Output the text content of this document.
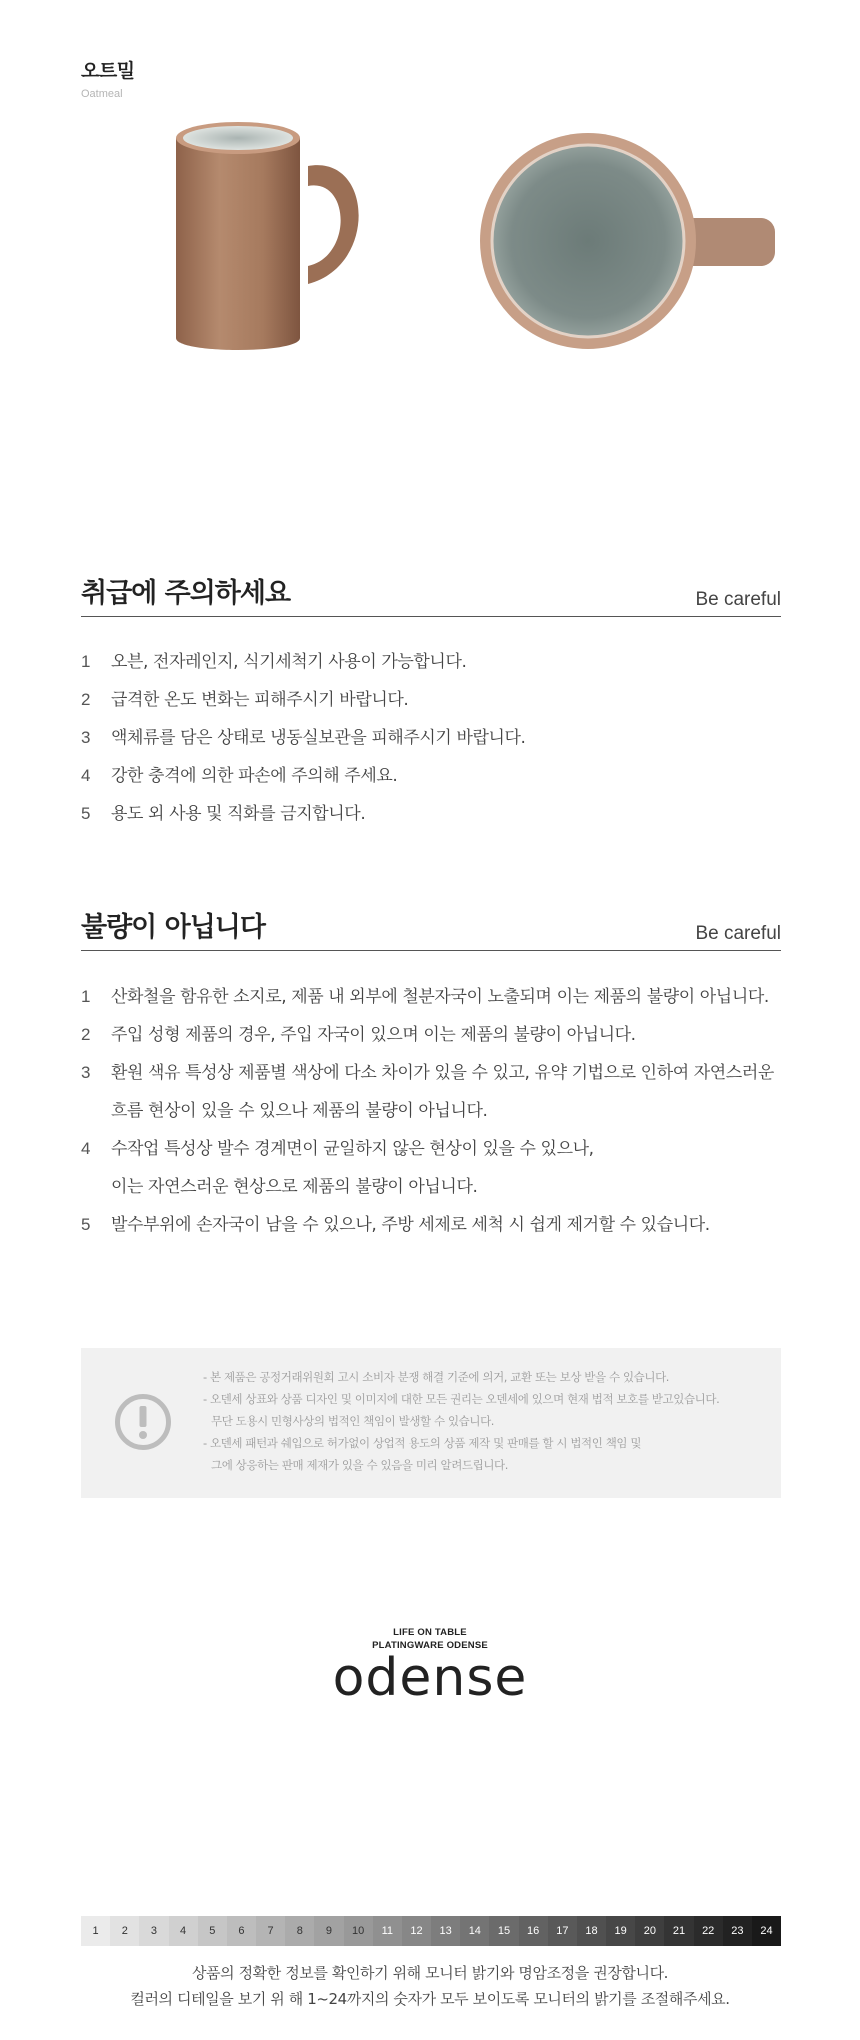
오트밀
Oatmeal
취급에 주의하세요	Be careful
1	오븐, 전자레인지, 식기세척기 사용이 가능합니다.
2	급격한 온도 변화는 피해주시기 바랍니다.
3	액체류를 담은 상태로 냉동실보관을 피해주시기 바랍니다.
4	강한 충격에 의한 파손에 주의해 주세요.
5	용도 외 사용 및 직화를 금지합니다.
불량이 아닙니다	Be careful
1	산화철을 함유한 소지로, 제품 내 외부에 철분자국이 노출되며 이는 제품의 불량이 아닙니다.
2	주입 성형 제품의 경우, 주입 자국이 있으며 이는 제품의 불량이 아닙니다.
3	환원 색유 특성상 제품별 색상에 다소 차이가 있을 수 있고, 유약 기법으로 인하여 자연스러운
흐름 현상이 있을 수 있으나 제품의 불량이 아닙니다.
4	수작업 특성상 발수 경계면이 균일하지 않은 현상이 있을 수 있으나,
이는 자연스러운 현상으로 제품의 불량이 아닙니다.
5	발수부위에 손자국이 남을 수 있으나, 주방 세제로 세척 시 쉽게 제거할 수 있습니다.
- 본 제품은 공정거래위원회 고시 소비자 분쟁 해결 기준에 의거, 교환 또는 보상 받을 수 있습니다.
- 오덴세 상표와 상품 디자인 및 이미지에 대한 모든 권리는 오덴세에 있으며 현재 법적 보호를 받고있습니다.
무단 도용시 민형사상의 법적인 책임이 발생할 수 있습니다.
- 오덴세 패턴과 쉐입으로 허가없이 상업적 용도의 상품 제작 및 판매를 할 시 법적인 책임 및
그에 상응하는 판매 제재가 있을 수 있음을 미리 알려드립니다.
LIFE ON TABLE
PLATINGWARE ODENSE
odense
1	2	3	4	5	6	7	8	9	10	11	12	13	14	15	16	17	18	19	20	21	22	23	24
상품의 정확한 정보를 확인하기 위해 모니터 밝기와 명암조정을 권장합니다.
컬러의 디테일을 보기 위 해 1~24까지의 숫자가 모두 보이도록 모니터의 밝기를 조절해주세요.
